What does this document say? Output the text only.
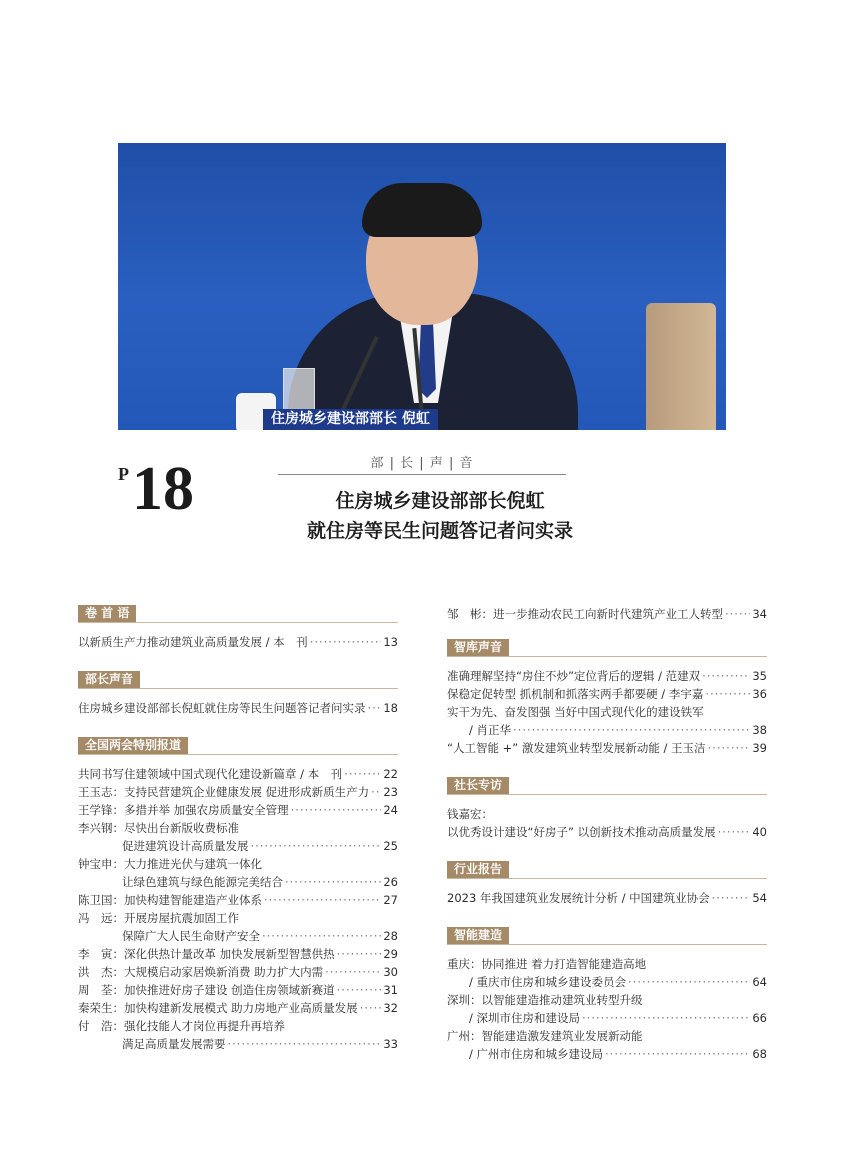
住房城乡建设部部长 倪虹
P 18	部 | 长 | 声 | 音
住房城乡建设部部长倪虹
就住房等民生问题答记者问实录
卷 首 语
以新质生产力推动建筑业高质量发展 / 本　刊 ·····	13
部长声音
住房城乡建设部部长倪虹就住房等民生问题答记者问实录 ····· 18
全国两会特别报道
共同书写住建领域中国式现代化建设新篇章 / 本　刊 ·····	22
王玉志：支持民营建筑企业健康发展 促进形成新质生产力 ····· 23
王学锋：多措并举 加强农房质量安全管理 ·····	24
李兴钢：尽快出台新版收费标准
促进建筑设计高质量发展 ·····	25
钟宝申：大力推进光伏与建筑一体化
让绿色建筑与绿色能源完美结合 ·····	26
陈卫国：加快构建智能建造产业体系 ·····	27
冯　远：开展房屋抗震加固工作
保障广大人民生命财产安全 ·····	28
李　寅：深化供热计量改革 加快发展新型智慧供热 ·····	29
洪　杰：大规模启动家居焕新消费 助力扩大内需 ·····	30
周　荃：加快推进好房子建设 创造住房领域新赛道 ·····	31
秦荣生：加快构建新发展模式 助力房地产业高质量发展 ····· 32
付　浩：强化技能人才岗位再提升再培养
满足高质量发展需要 ·····	33
邹　彬：进一步推动农民工向新时代建筑产业工人转型 ·····	34
智库声音
准确理解坚持“房住不炒”定位背后的逻辑 / 范建双 ·····	35
保稳定促转型 抓机制和抓落实两手都要硬 / 李宇嘉 ·····	36
实干为先、奋发图强 当好中国式现代化的建设铁军
/ 肖正华 ·····	38
“人工智能 +” 激发建筑业转型发展新动能 / 王玉洁 ·····	39
社长专访
钱嘉宏：
以优秀设计建设“好房子” 以创新技术推动高质量发展 ·····	40
行业报告
2023 年我国建筑业发展统计分析 / 中国建筑业协会 ·····	54
智能建造
重庆：协同推进 着力打造智能建造高地
/ 重庆市住房和城乡建设委员会 ·····	64
深圳：以智能建造推动建筑业转型升级
/ 深圳市住房和建设局 ·····	66
广州：智能建造激发建筑业发展新动能
/ 广州市住房和城乡建设局 ·····	68
